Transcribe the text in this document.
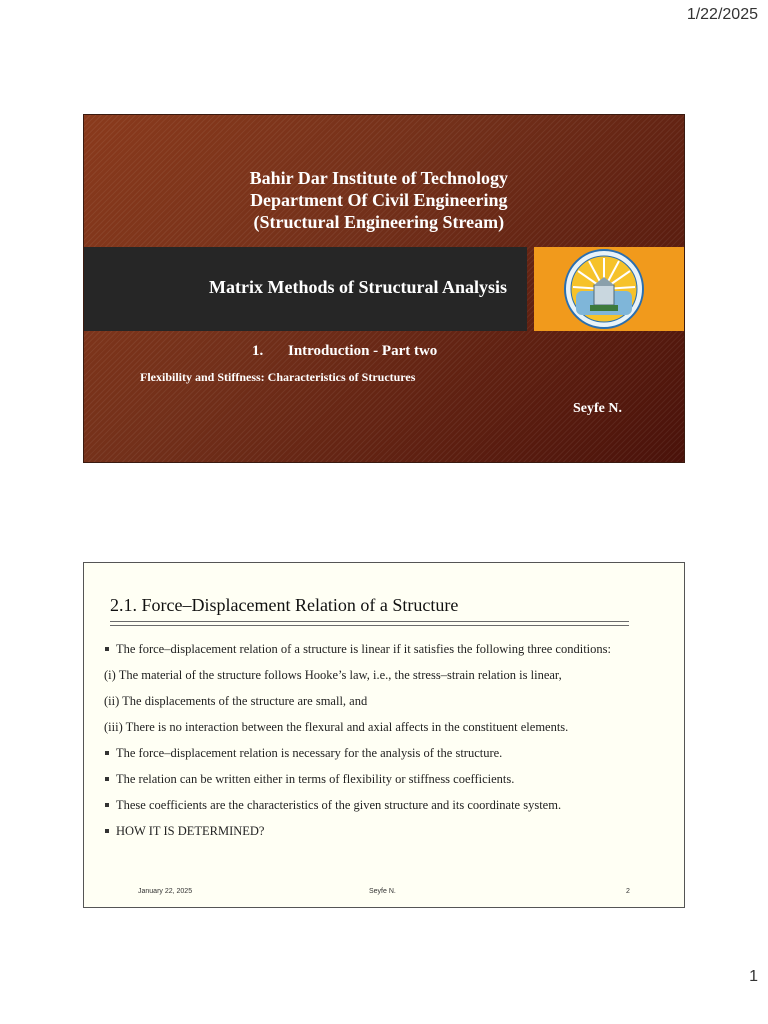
1/22/2025
Bahir Dar Institute of Technology
Department Of Civil Engineering
(Structural Engineering Stream)
Matrix Methods of Structural Analysis
1. Introduction - Part two
Flexibility and Stiffness: Characteristics of Structures
Seyfe N.
2.1. Force–Displacement Relation of a Structure
The force–displacement relation of a structure is linear if it satisfies the following three conditions:
(i) The material of the structure follows Hooke’s law, i.e., the stress–strain relation is linear,
(ii) The displacements of the structure are small, and
(iii) There is no interaction between the flexural and axial affects in the constituent elements.
The force–displacement relation is necessary for the analysis of the structure.
The relation can be written either in terms of flexibility or stiffness coefficients.
These coefficients are the characteristics of the given structure and its coordinate system.
HOW IT IS DETERMINED?
January 22, 2025	Seyfe N.	2
1
